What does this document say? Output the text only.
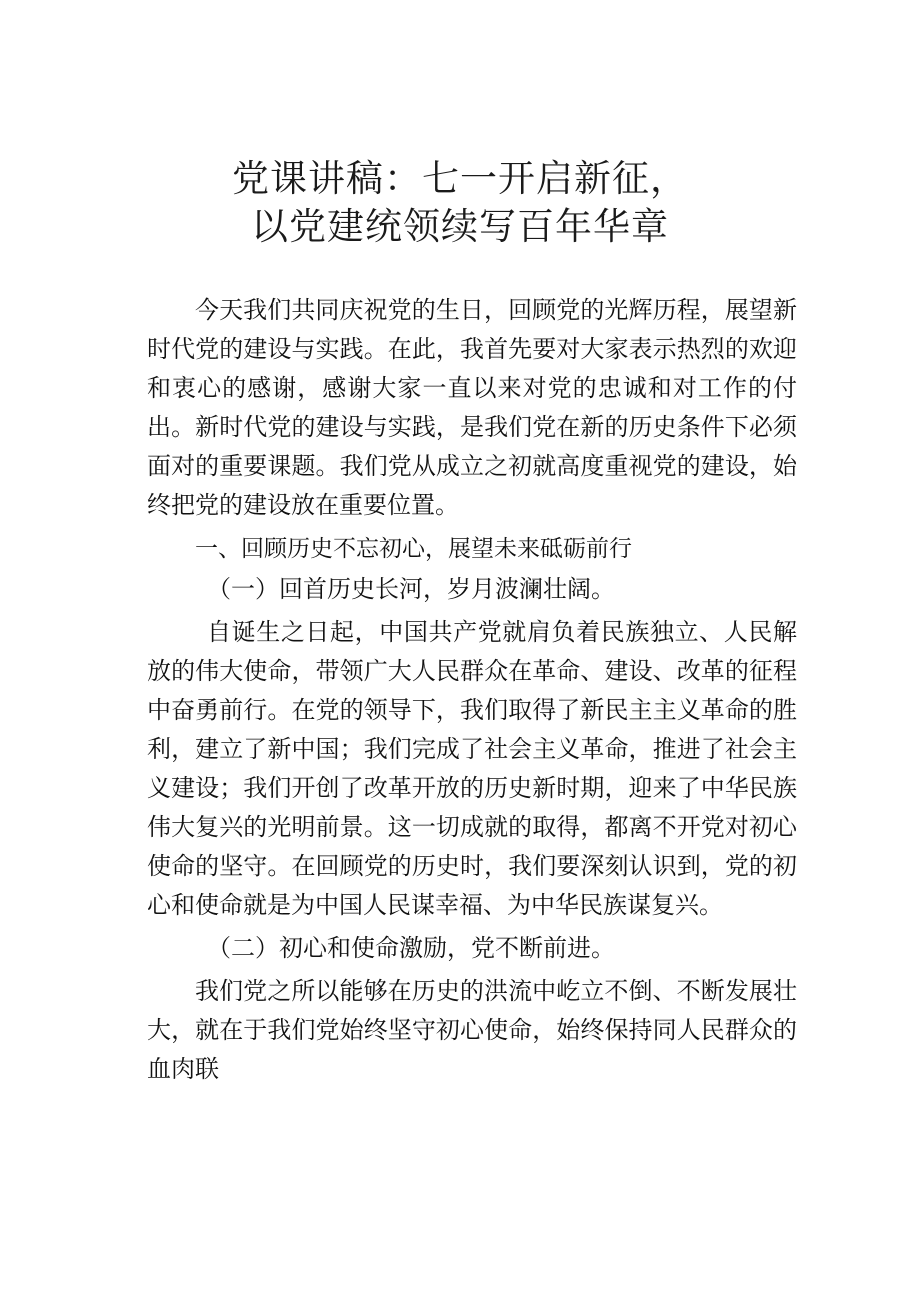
党课讲稿：七一开启新征，
以党建统领续写百年华章

今天我们共同庆祝党的生日，回顾党的光辉历程，展望新时代党的建设与实践。在此，我首先要对大家表示热烈的欢迎和衷心的感谢，感谢大家一直以来对党的忠诚和对工作的付出。新时代党的建设与实践，是我们党在新的历史条件下必须面对的重要课题。我们党从成立之初就高度重视党的建设，始终把党的建设放在重要位置。

一、回顾历史不忘初心，展望未来砥砺前行

（一）回首历史长河，岁月波澜壮阔。

自诞生之日起，中国共产党就肩负着民族独立、人民解放的伟大使命，带领广大人民群众在革命、建设、改革的征程中奋勇前行。在党的领导下，我们取得了新民主主义革命的胜利，建立了新中国；我们完成了社会主义革命，推进了社会主义建设；我们开创了改革开放的历史新时期，迎来了中华民族伟大复兴的光明前景。这一切成就的取得，都离不开党对初心使命的坚守。在回顾党的历史时，我们要深刻认识到，党的初心和使命就是为中国人民谋幸福、为中华民族谋复兴。

（二）初心和使命激励，党不断前进。

我们党之所以能够在历史的洪流中屹立不倒、不断发展壮大，就在于我们党始终坚守初心使命，始终保持同人民群众的血肉联
